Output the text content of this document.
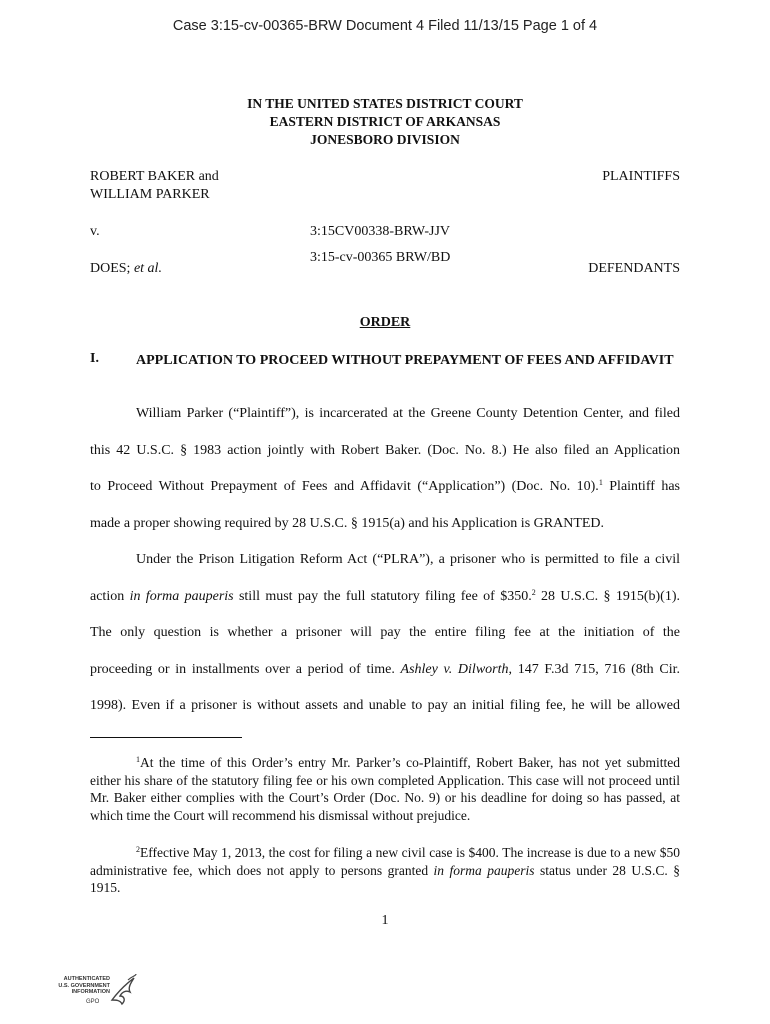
Case 3:15-cv-00365-BRW Document 4 Filed 11/13/15 Page 1 of 4
IN THE UNITED STATES DISTRICT COURT
EASTERN DISTRICT OF ARKANSAS
JONESBORO DIVISION
ROBERT BAKER and
WILLIAM PARKER
PLAINTIFFS
v.	3:15CV00338-BRW-JJV
3:15-cv-00365 BRW/BD
DOES; et al.	DEFENDANTS
ORDER
I.	APPLICATION TO PROCEED WITHOUT PREPAYMENT OF FEES AND AFFIDAVIT
William Parker (“Plaintiff”), is incarcerated at the Greene County Detention Center, and filed
this 42 U.S.C. § 1983 action jointly with Robert Baker. (Doc. No. 8.) He also filed an Application
to Proceed Without Prepayment of Fees and Affidavit (“Application”) (Doc. No. 10).$^1$ Plaintiff has
made a proper showing required by 28 U.S.C. § 1915(a) and his Application is GRANTED.
Under the Prison Litigation Reform Act (“PLRA”), a prisoner who is permitted to file a civil
action in forma pauperis still must pay the full statutory filing fee of $350.$^2$ 28 U.S.C. § 1915(b)(1).
The only question is whether a prisoner will pay the entire filing fee at the initiation of the
proceeding or in installments over a period of time. Ashley v. Dilworth, 147 F.3d 715, 716 (8th Cir.
1998). Even if a prisoner is without assets and unable to pay an initial filing fee, he will be allowed
$^1$At the time of this Order’s entry Mr. Parker’s co-Plaintiff, Robert Baker, has not yet submitted either his share of the statutory filing fee or his own completed Application. This case will not proceed until Mr. Baker either complies with the Court’s Order (Doc. No. 9) or his deadline for doing so has passed, at which time the Court will recommend his dismissal without prejudice.
$^2$Effective May 1, 2013, the cost for filing a new civil case is $400. The increase is due to a new $50 administrative fee, which does not apply to persons granted in forma pauperis status under 28 U.S.C. § 1915.
1
AUTHENTICATED
U.S. GOVERNMENT
INFORMATION
GPO
